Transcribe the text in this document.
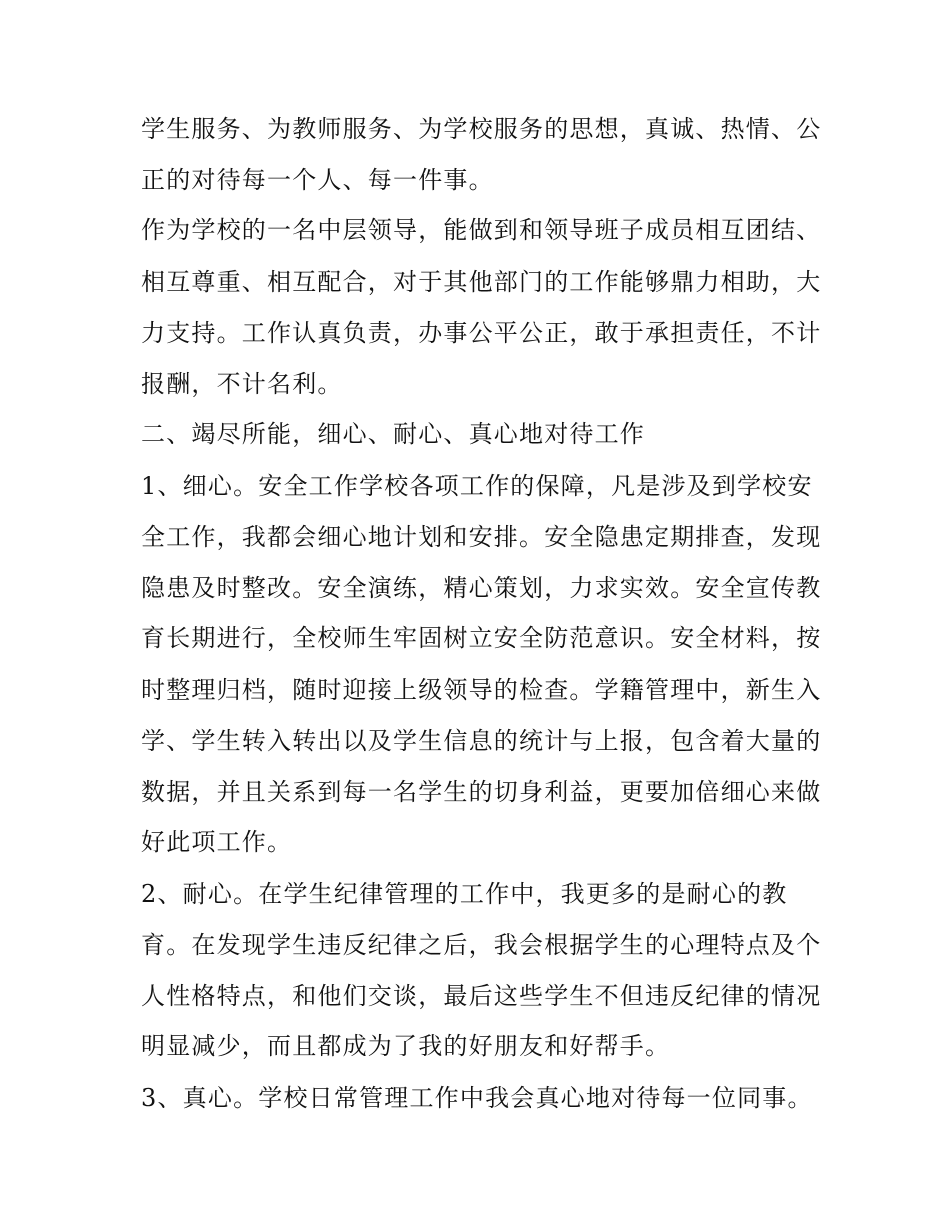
学生服务、为教师服务、为学校服务的思想，真诚、热情、公
正的对待每一个人、每一件事。
作为学校的一名中层领导，能做到和领导班子成员相互团结、
相互尊重、相互配合，对于其他部门的工作能够鼎力相助，大
力支持。工作认真负责，办事公平公正，敢于承担责任，不计
报酬，不计名利。
二、竭尽所能，细心、耐心、真心地对待工作
1、细心。安全工作学校各项工作的保障，凡是涉及到学校安
全工作，我都会细心地计划和安排。安全隐患定期排查，发现
隐患及时整改。安全演练，精心策划，力求实效。安全宣传教
育长期进行，全校师生牢固树立安全防范意识。安全材料，按
时整理归档，随时迎接上级领导的检查。学籍管理中，新生入
学、学生转入转出以及学生信息的统计与上报，包含着大量的
数据，并且关系到每一名学生的切身利益，更要加倍细心来做
好此项工作。
2、耐心。在学生纪律管理的工作中，我更多的是耐心的教
育。在发现学生违反纪律之后，我会根据学生的心理特点及个
人性格特点，和他们交谈，最后这些学生不但违反纪律的情况
明显减少，而且都成为了我的好朋友和好帮手。
3、真心。学校日常管理工作中我会真心地对待每一位同事。
